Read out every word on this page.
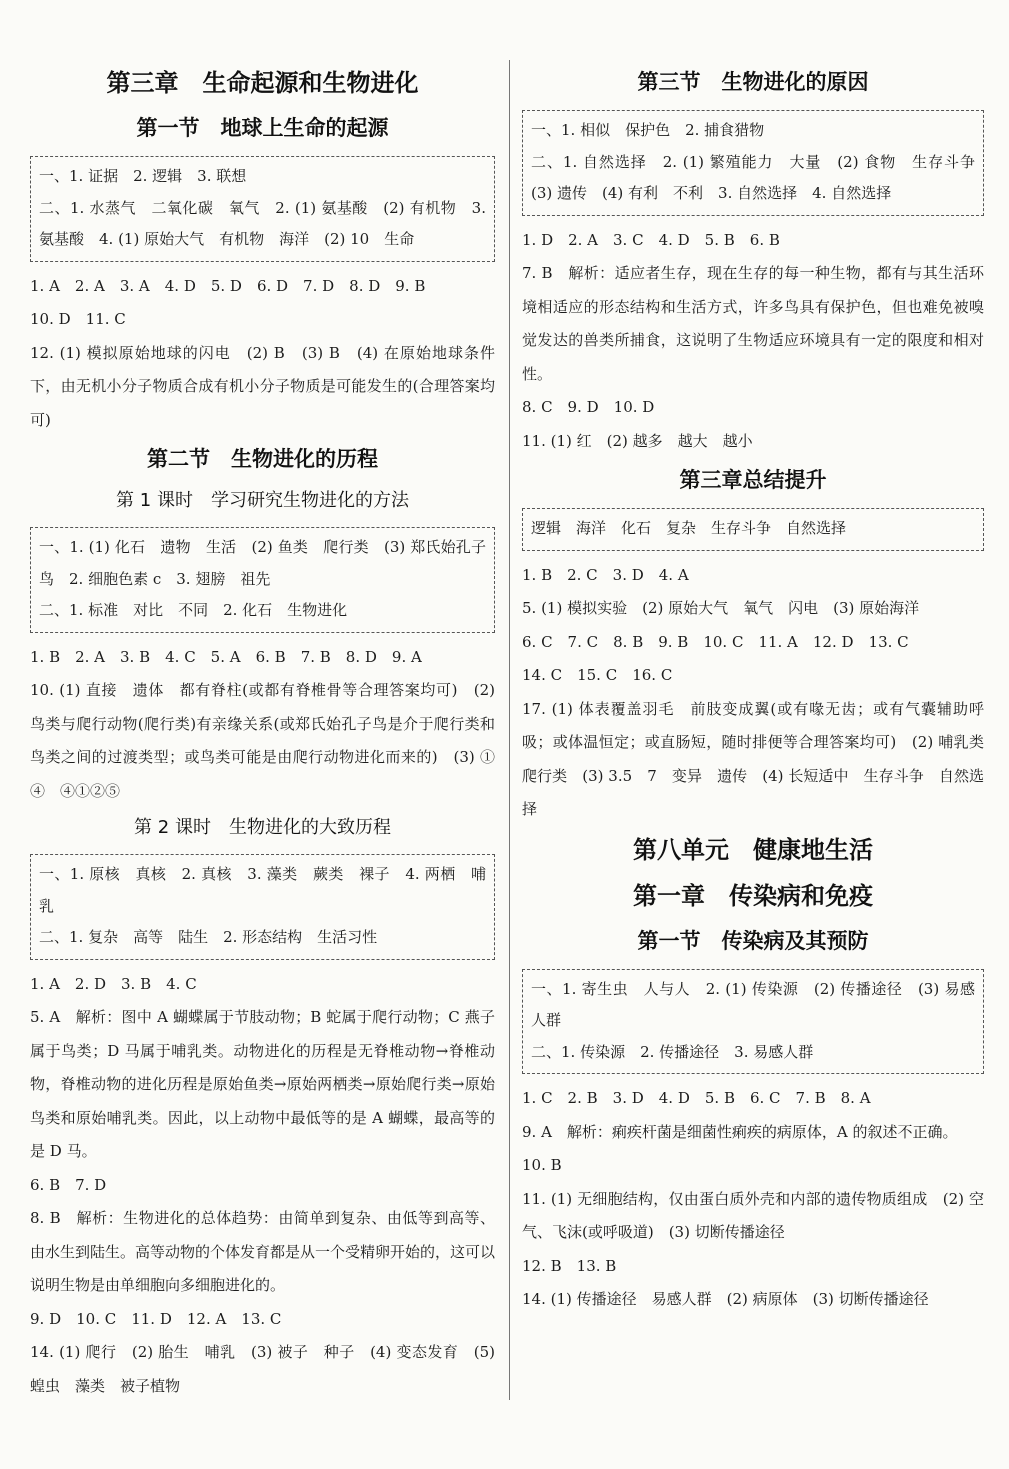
第三章　生命起源和生物进化
第一节　地球上生命的起源
一、1. 证据　2. 逻辑　3. 联想
二、1. 水蒸气　二氧化碳　氧气　2. (1) 氨基酸　(2) 有机物　3. 氨基酸　4. (1) 原始大气　有机物　海洋　(2) 10　生命
1. A　2. A　3. A　4. D　5. D　6. D　7. D　8. D　9. B
10. D　11. C
12. (1) 模拟原始地球的闪电　(2) B　(3) B　(4) 在原始地球条件下，由无机小分子物质合成有机小分子物质是可能发生的(合理答案均可)
第二节　生物进化的历程
第 1 课时　学习研究生物进化的方法
一、1. (1) 化石　遗物　生活　(2) 鱼类　爬行类　(3) 郑氏始孔子鸟　2. 细胞色素 c　3. 翅膀　祖先
二、1. 标准　对比　不同　2. 化石　生物进化
1. B　2. A　3. B　4. C　5. A　6. B　7. B　8. D　9. A
10. (1) 直接　遗体　都有脊柱(或都有脊椎骨等合理答案均可)　(2) 鸟类与爬行动物(爬行类)有亲缘关系(或郑氏始孔子鸟是介于爬行类和鸟类之间的过渡类型；或鸟类可能是由爬行动物进化而来的)　(3) ①　④　④①②⑤
第 2 课时　生物进化的大致历程
一、1. 原核　真核　2. 真核　3. 藻类　蕨类　裸子　4. 两栖　哺乳
二、1. 复杂　高等　陆生　2. 形态结构　生活习性
1. A　2. D　3. B　4. C
5. A　解析：图中 A 蝴蝶属于节肢动物；B 蛇属于爬行动物；C 燕子属于鸟类；D 马属于哺乳类。动物进化的历程是无脊椎动物→脊椎动物，脊椎动物的进化历程是原始鱼类→原始两栖类→原始爬行类→原始鸟类和原始哺乳类。因此，以上动物中最低等的是 A 蝴蝶，最高等的是 D 马。
6. B　7. D
8. B　解析：生物进化的总体趋势：由简单到复杂、由低等到高等、由水生到陆生。高等动物的个体发育都是从一个受精卵开始的，这可以说明生物是由单细胞向多细胞进化的。
9. D　10. C　11. D　12. A　13. C
14. (1) 爬行　(2) 胎生　哺乳　(3) 被子　种子　(4) 变态发育　(5) 蝗虫　藻类　被子植物
第三节　生物进化的原因
一、1. 相似　保护色　2. 捕食猎物
二、1. 自然选择　2. (1) 繁殖能力　大量　(2) 食物　生存斗争　(3) 遗传　(4) 有利　不利　3. 自然选择　4. 自然选择
1. D　2. A　3. C　4. D　5. B　6. B
7. B　解析：适应者生存，现在生存的每一种生物，都有与其生活环境相适应的形态结构和生活方式，许多鸟具有保护色，但也难免被嗅觉发达的兽类所捕食，这说明了生物适应环境具有一定的限度和相对性。
8. C　9. D　10. D
11. (1) 红　(2) 越多　越大　越小
第三章总结提升
逻辑　海洋　化石　复杂　生存斗争　自然选择
1. B　2. C　3. D　4. A
5. (1) 模拟实验　(2) 原始大气　氧气　闪电　(3) 原始海洋
6. C　7. C　8. B　9. B　10. C　11. A　12. D　13. C
14. C　15. C　16. C
17. (1) 体表覆盖羽毛　前肢变成翼(或有喙无齿；或有气囊辅助呼吸；或体温恒定；或直肠短，随时排便等合理答案均可)　(2) 哺乳类　爬行类　(3) 3.5　7　变异　遗传　(4) 长短适中　生存斗争　自然选择
第八单元　健康地生活
第一章　传染病和免疫
第一节　传染病及其预防
一、1. 寄生虫　人与人　2. (1) 传染源　(2) 传播途径　(3) 易感人群
二、1. 传染源　2. 传播途径　3. 易感人群
1. C　2. B　3. D　4. D　5. B　6. C　7. B　8. A
9. A　解析：痢疾杆菌是细菌性痢疾的病原体，A 的叙述不正确。
10. B
11. (1) 无细胞结构，仅由蛋白质外壳和内部的遗传物质组成　(2) 空气、飞沫(或呼吸道)　(3) 切断传播途径
12. B　13. B
14. (1) 传播途径　易感人群　(2) 病原体　(3) 切断传播途径
